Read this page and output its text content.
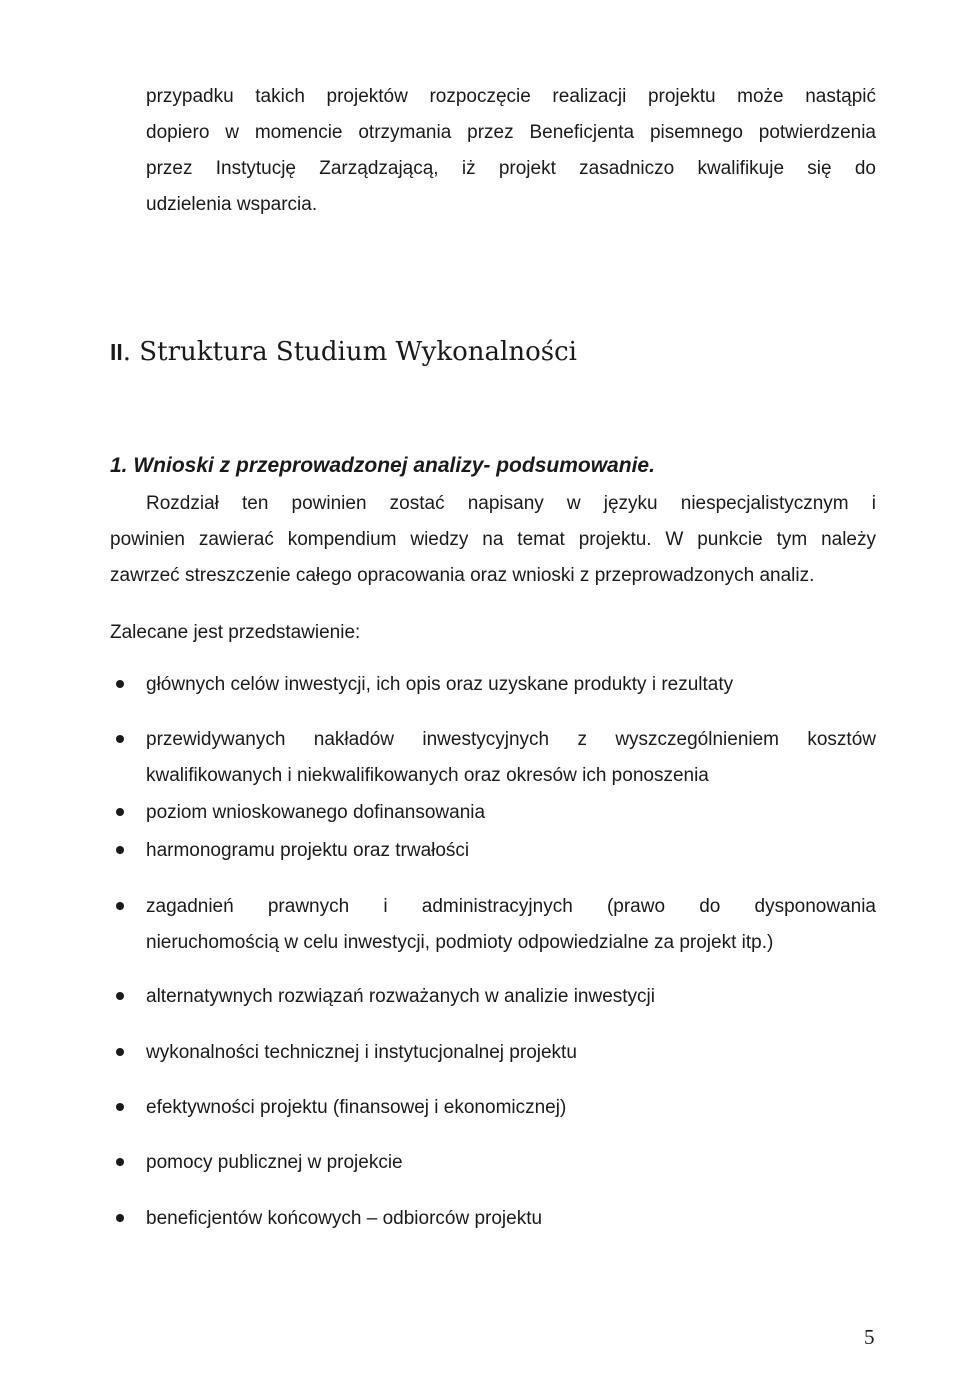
przypadku takich projektów rozpoczęcie realizacji projektu może nastąpić
dopiero w momencie otrzymania przez Beneficjenta pisemnego potwierdzenia
przez Instytucję Zarządzającą, iż projekt zasadniczo kwalifikuje się do
udzielenia wsparcia.
II. Struktura Studium Wykonalności
1. Wnioski z przeprowadzonej analizy- podsumowanie.
Rozdział ten powinien zostać napisany w języku niespecjalistycznym i
powinien zawierać kompendium wiedzy na temat projektu. W punkcie tym należy
zawrzeć streszczenie całego opracowania oraz wnioski z przeprowadzonych analiz.
Zalecane jest przedstawienie:
głównych celów inwestycji, ich opis oraz uzyskane produkty i rezultaty
przewidywanych nakładów inwestycyjnych z wyszczególnieniem kosztów
kwalifikowanych i niekwalifikowanych oraz okresów ich ponoszenia
poziom wnioskowanego dofinansowania
harmonogramu projektu oraz trwałości
zagadnień prawnych i administracyjnych (prawo do dysponowania
nieruchomością w celu inwestycji, podmioty odpowiedzialne za projekt itp.)
alternatywnych rozwiązań rozważanych w analizie inwestycji
wykonalności technicznej i instytucjonalnej projektu
efektywności projektu (finansowej i ekonomicznej)
pomocy publicznej w projekcie
beneficjentów końcowych – odbiorców projektu
5
